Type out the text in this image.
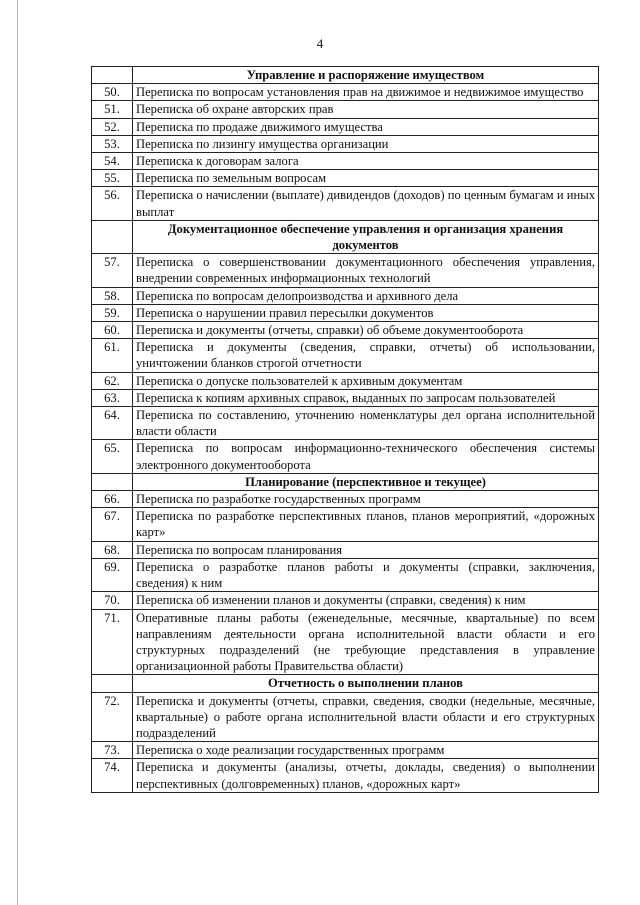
4
	Управление и распоряжение имуществом
50.	Переписка по вопросам установления прав на движимое и недвижимое имущество
51.	Переписка об охране авторских прав
52.	Переписка по продаже движимого имущества
53.	Переписка по лизингу имущества организации
54.	Переписка к договорам залога
55.	Переписка по земельным вопросам
56.	Переписка о начислении (выплате) дивидендов (доходов) по ценным бумагам и иных выплат
	Документационное обеспечение управления и организация хранения документов
57.	Переписка о совершенствовании документационного обеспечения управления, внедрении современных информационных технологий
58.	Переписка по вопросам делопроизводства и архивного дела
59.	Переписка о нарушении правил пересылки документов
60.	Переписка и документы (отчеты, справки) об объеме документооборота
61.	Переписка и документы (сведения, справки, отчеты) об использовании, уничтожении бланков строгой отчетности
62.	Переписка о допуске пользователей к архивным документам
63.	Переписка к копиям архивных справок, выданных по запросам пользователей
64.	Переписка по составлению, уточнению номенклатуры дел органа исполнительной власти области
65.	Переписка по вопросам информационно-технического обеспечения системы электронного документооборота
	Планирование (перспективное и текущее)
66.	Переписка по разработке государственных программ
67.	Переписка по разработке перспективных планов, планов мероприятий, «дорожных карт»
68.	Переписка по вопросам планирования
69.	Переписка о разработке планов работы и документы (справки, заключения, сведения) к ним
70.	Переписка об изменении планов и документы (справки, сведения) к ним
71.	Оперативные планы работы (еженедельные, месячные, квартальные) по всем направлениям деятельности органа исполнительной власти области и его структурных подразделений (не требующие представления в управление организационной работы Правительства области)
	Отчетность о выполнении планов
72.	Переписка и документы (отчеты, справки, сведения, сводки (недельные, месячные, квартальные) о работе органа исполнительной власти области и его структурных подразделений
73.	Переписка о ходе реализации государственных программ
74.	Переписка и документы (анализы, отчеты, доклады, сведения) о выполнении перспективных (долговременных) планов, «дорожных карт»
